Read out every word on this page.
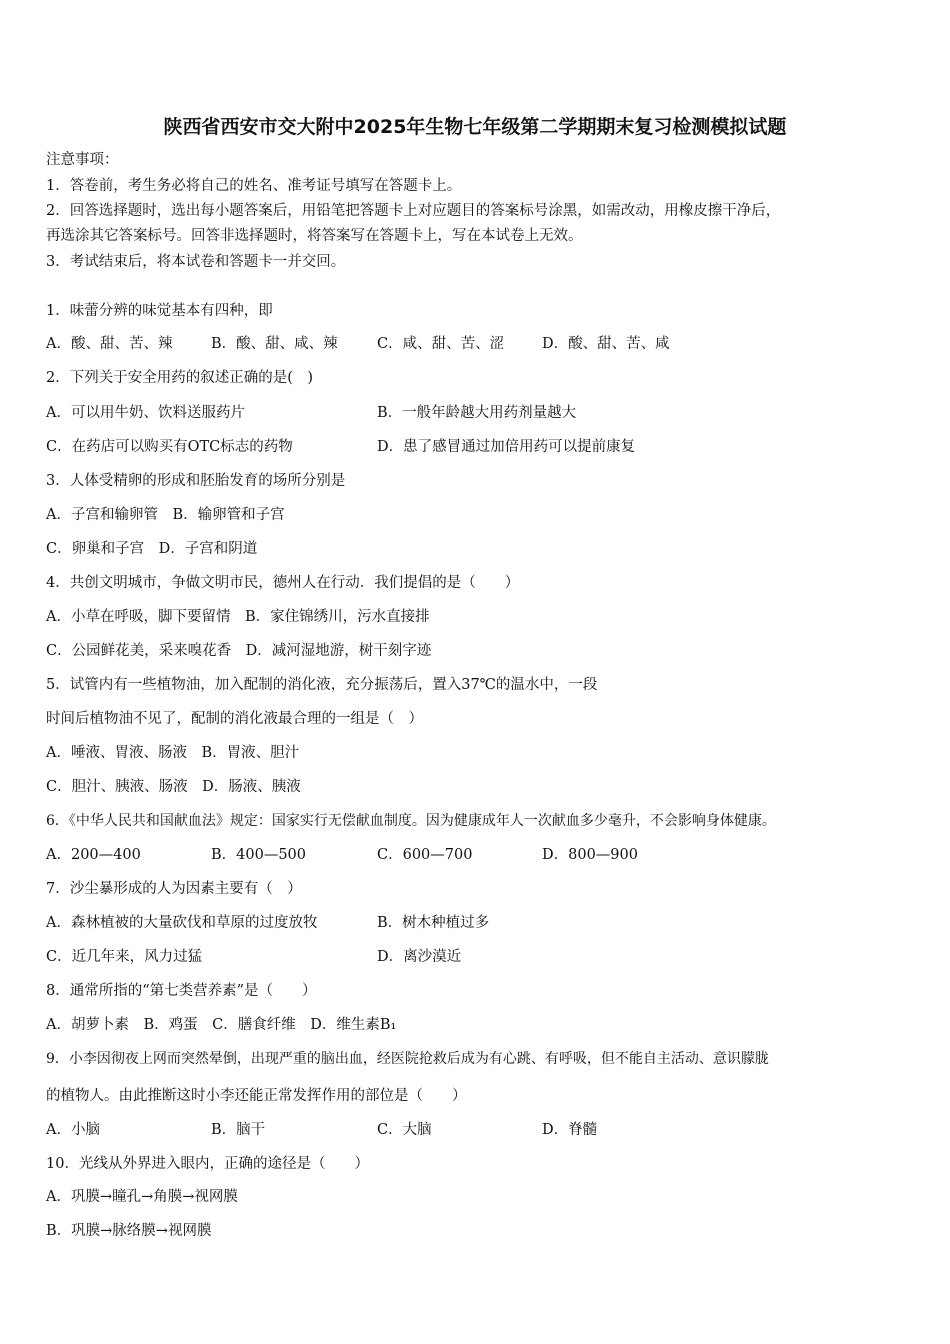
陕西省西安市交大附中2025年生物七年级第二学期期末复习检测模拟试题
注意事项：
1．答卷前，考生务必将自己的姓名、准考证号填写在答题卡上。
2．回答选择题时，选出每小题答案后，用铅笔把答题卡上对应题目的答案标号涂黑，如需改动，用橡皮擦干净后，
再选涂其它答案标号。回答非选择题时，将答案写在答题卡上，写在本试卷上无效。
3．考试结束后，将本试卷和答题卡一并交回。
1．味蕾分辨的味觉基本有四种，即
A．酸、甜、苦、辣	B．酸、甜、咸、辣	C．咸、甜、苦、涩	D．酸、甜、苦、咸
2．下列关于安全用药的叙述正确的是(　)
A．可以用牛奶、饮料送服药片	B．一般年龄越大用药剂量越大
C．在药店可以购买有OTC标志的药物	D．患了感冒通过加倍用药可以提前康复
3．人体受精卵的形成和胚胎发育的场所分别是
A．子宫和输卵管　B．输卵管和子宫
C．卵巢和子宫　D．子宫和阴道
4．共创文明城市，争做文明市民，德州人在行动．我们提倡的是（　　）
A．小草在呼吸，脚下要留情　B．家住锦绣川，污水直接排
C．公园鲜花美，采来嗅花香　D．减河湿地游，树干刻字迹
5．试管内有一些植物油，加入配制的消化液，充分振荡后，置入37℃的温水中，一段
时间后植物油不见了，配制的消化液最合理的一组是（　）
A．唾液、胃液、肠液　B．胃液、胆汁
C．胆汁、胰液、肠液　D．肠液、胰液
6．《中华人民共和国献血法》规定：国家实行无偿献血制度。因为健康成年人一次献血多少毫升，不会影响身体健康。
A．200—400	B．400—500	C．600—700	D．800—900
7．沙尘暴形成的人为因素主要有（　）
A．森林植被的大量砍伐和草原的过度放牧	B．树木种植过多
C．近几年来，风力过猛	D．离沙漠近
8．通常所指的“第七类营养素”是（　　）
A．胡萝卜素　B．鸡蛋　C．膳食纤维　D．维生素B₁
9．小李因彻夜上网而突然晕倒，出现严重的脑出血，经医院抢救后成为有心跳、有呼吸，但不能自主活动、意识朦胧
的植物人。由此推断这时小李还能正常发挥作用的部位是（　　）
A．小脑	B．脑干	C．大脑	D．脊髓
10．光线从外界进入眼内，正确的途径是（　　）
A．巩膜→瞳孔→角膜→视网膜
B．巩膜→脉络膜→视网膜
